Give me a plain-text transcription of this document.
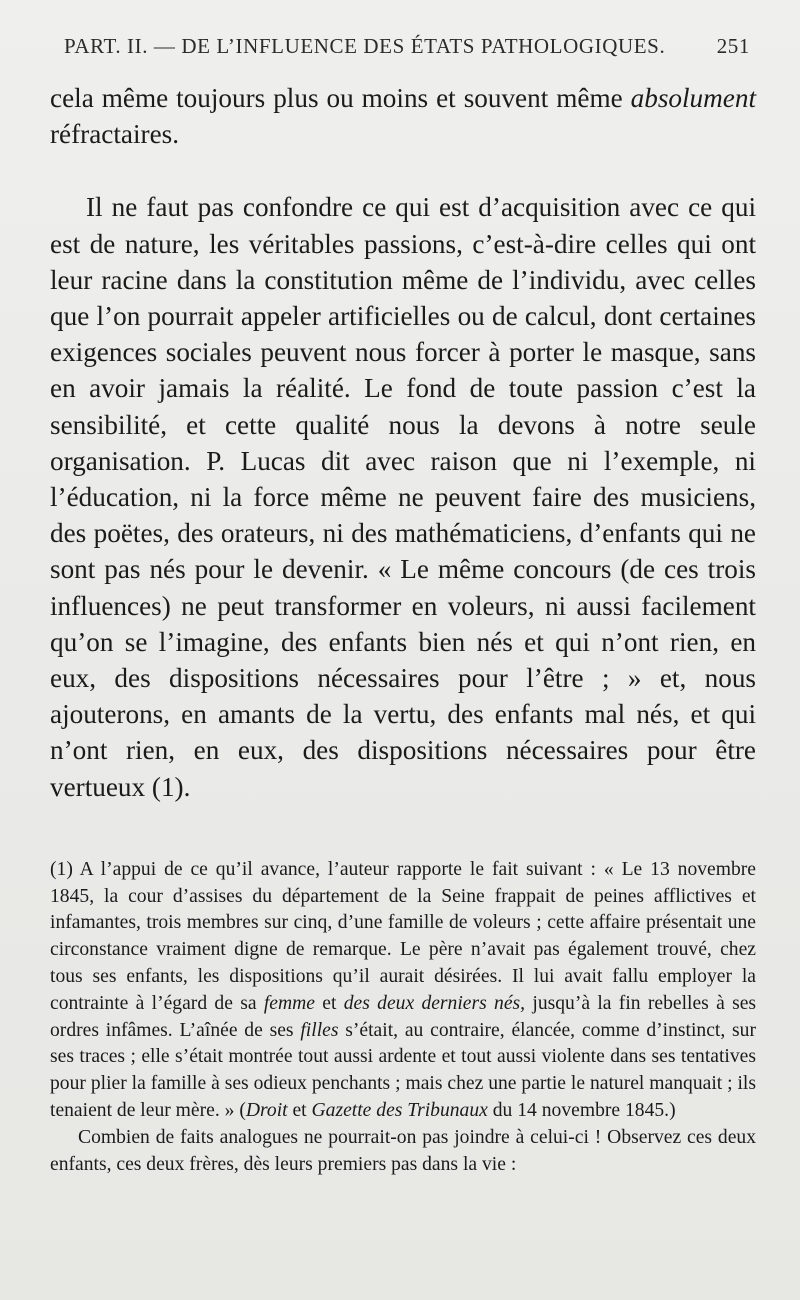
PART. II. — DE L’INFLUENCE DES ÉTATS PATHOLOGIQUES. 251

cela même toujours plus ou moins et souvent même absolument réfractaires.

Il ne faut pas confondre ce qui est d’acquisition avec ce qui est de nature, les véritables passions, c’est-à-dire celles qui ont leur racine dans la constitution même de l’individu, avec celles que l’on pourrait appeler artificielles ou de calcul, dont certaines exigences sociales peuvent nous forcer à porter le masque, sans en avoir jamais la réalité. Le fond de toute passion c’est la sensibilité, et cette qualité nous la devons à notre seule organisation. P. Lucas dit avec raison que ni l’exemple, ni l’éducation, ni la force même ne peuvent faire des musiciens, des poëtes, des orateurs, ni des mathématiciens, d’enfants qui ne sont pas nés pour le devenir. « Le même concours (de ces trois influences) ne peut transformer en voleurs, ni aussi facilement qu’on se l’imagine, des enfants bien nés et qui n’ont rien, en eux, des dispositions nécessaires pour l’être ; » et, nous ajouterons, en amants de la vertu, des enfants mal nés, et qui n’ont rien, en eux, des dispositions nécessaires pour être vertueux (1).

(1) A l’appui de ce qu’il avance, l’auteur rapporte le fait suivant : « Le 13 novembre 1845, la cour d’assises du département de la Seine frappait de peines afflictives et infamantes, trois membres sur cinq, d’une famille de voleurs ; cette affaire présentait une circonstance vraiment digne de remarque. Le père n’avait pas également trouvé, chez tous ses enfants, les dispositions qu’il aurait désirées. Il lui avait fallu employer la contrainte à l’égard de sa femme et des deux derniers nés, jusqu’à la fin rebelles à ses ordres infâmes. L’aînée de ses filles s’était, au contraire, élancée, comme d’instinct, sur ses traces ; elle s’était montrée tout aussi ardente et tout aussi violente dans ses tentatives pour plier la famille à ses odieux penchants ; mais chez une partie le naturel manquait ; ils tenaient de leur mère. » (Droit et Gazette des Tribunaux du 14 novembre 1845.)

Combien de faits analogues ne pourrait-on pas joindre à celui-ci ! Observez ces deux enfants, ces deux frères, dès leurs premiers pas dans la vie :
